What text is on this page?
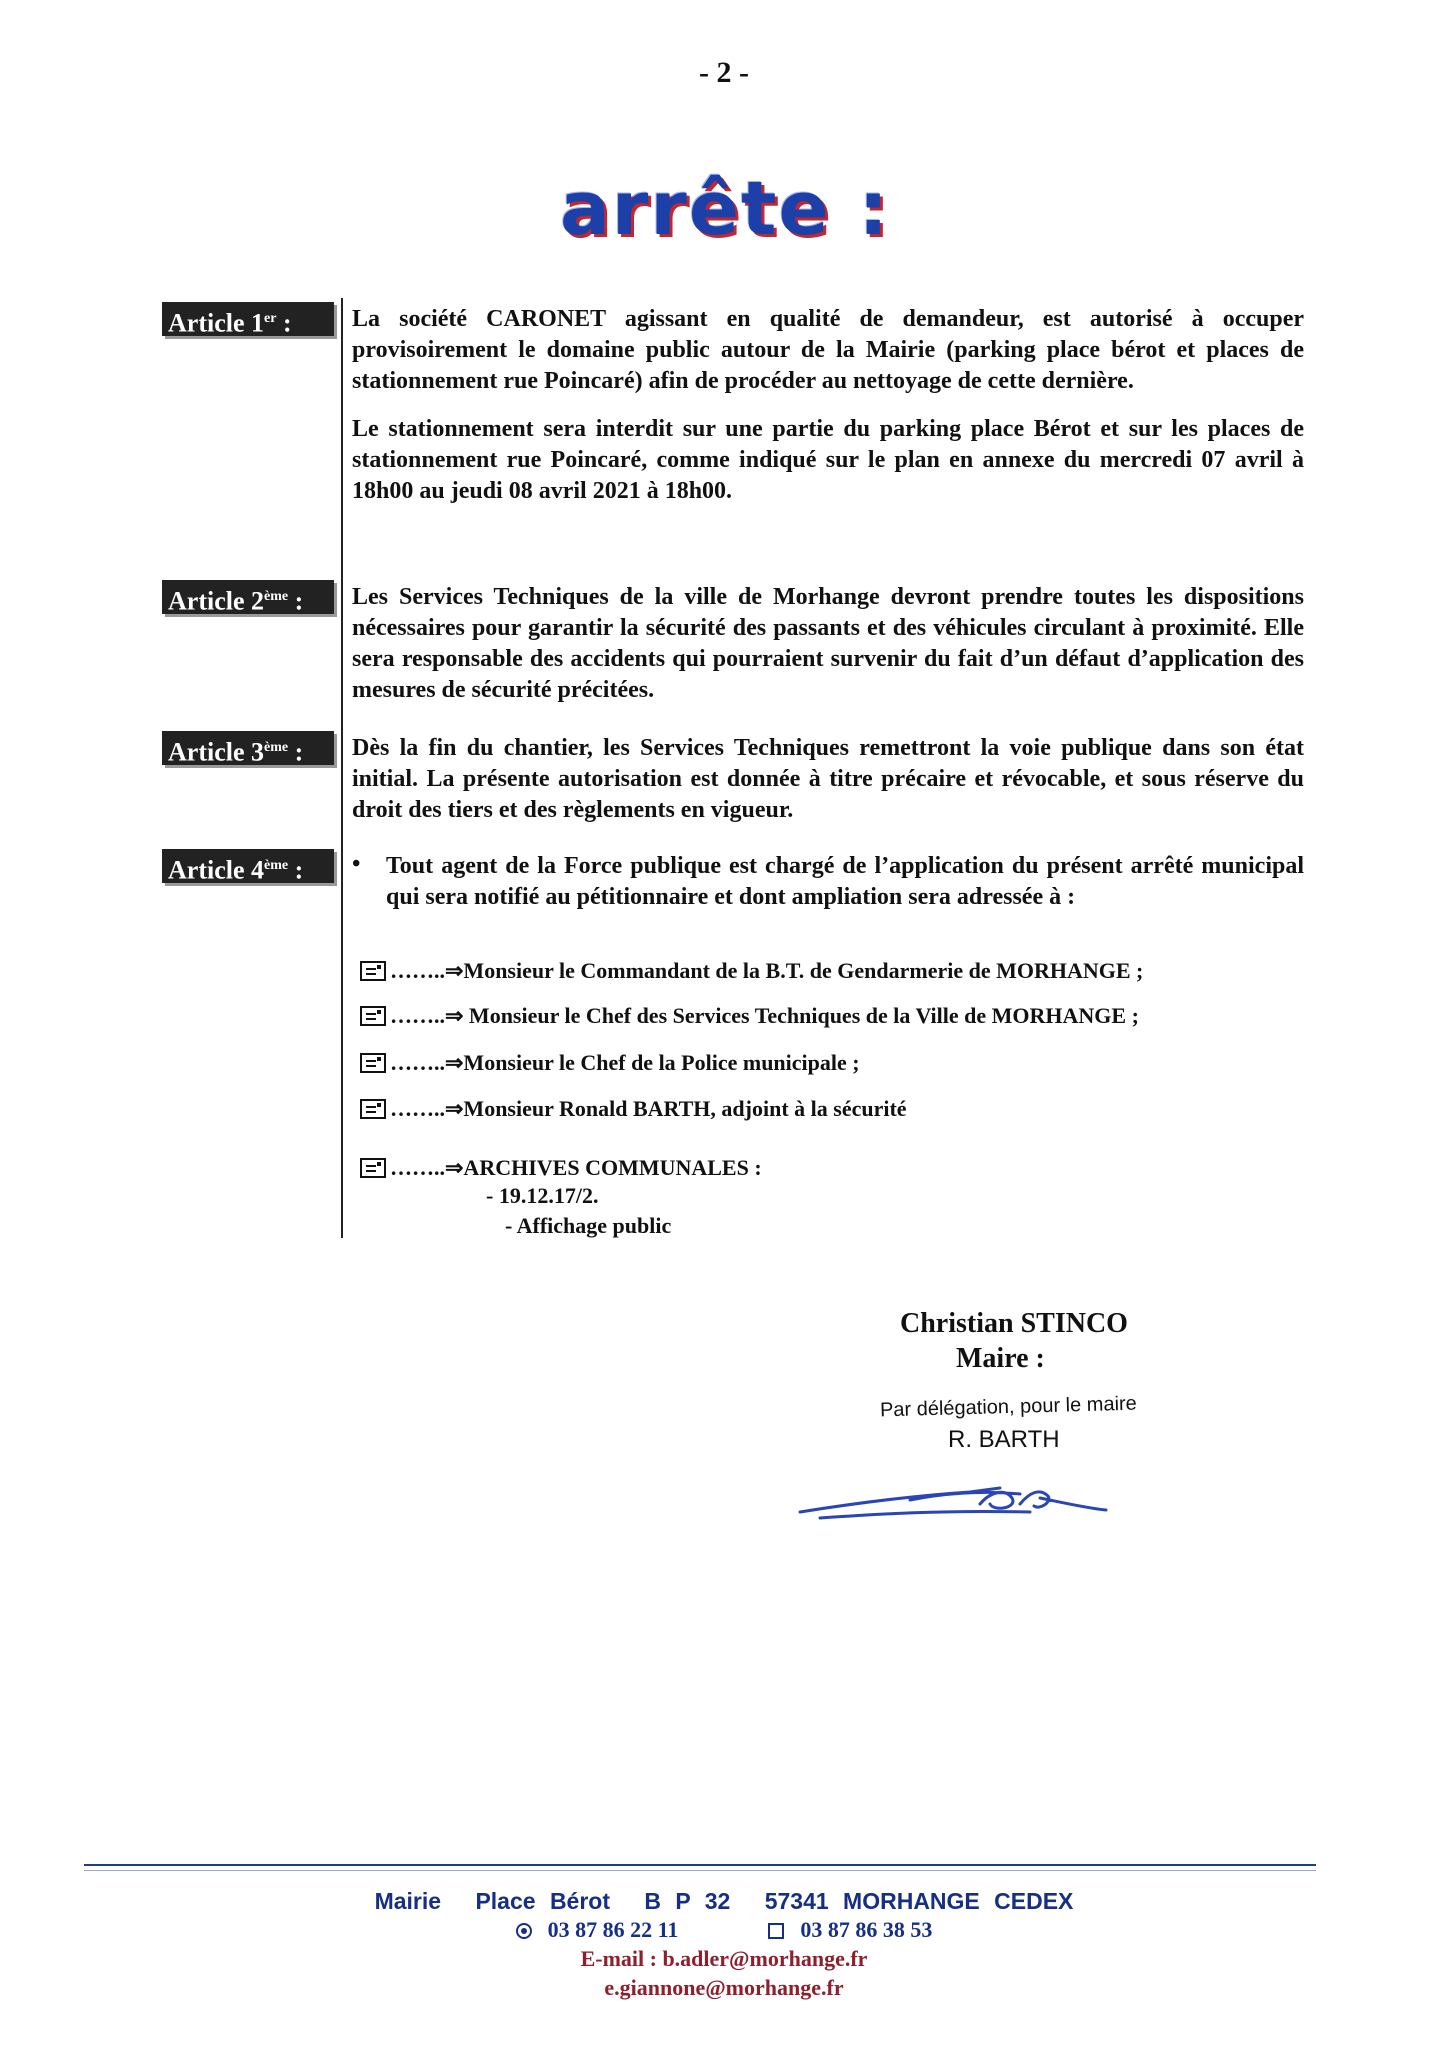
- 2 -
arrête :
Article 1er :	La société CARONET agissant en qualité de demandeur, est autorisé à occuper provisoirement le domaine public autour de la Mairie (parking place bérot et places de stationnement rue Poincaré) afin de procéder au nettoyage de cette dernière.

Le stationnement sera interdit sur une partie du parking place Bérot et sur les places de stationnement rue Poincaré, comme indiqué sur le plan en annexe du mercredi 07 avril à 18h00 au jeudi 08 avril 2021 à 18h00.

Article 2ème :	Les Services Techniques de la ville de Morhange devront prendre toutes les dispositions nécessaires pour garantir la sécurité des passants et des véhicules circulant à proximité. Elle sera responsable des accidents qui pourraient survenir du fait d’un défaut d’application des mesures de sécurité précitées.

Article 3ème :	Dès la fin du chantier, les Services Techniques remettront la voie publique dans son état initial. La présente autorisation est donnée à titre précaire et révocable, et sous réserve du droit des tiers et des règlements en vigueur.

Article 4ème :	• Tout agent de la Force publique est chargé de l’application du présent arrêté municipal qui sera notifié au pétitionnaire et dont ampliation sera adressée à :
……..⇒Monsieur le Commandant de la B.T. de Gendarmerie de MORHANGE ;
……..⇒ Monsieur le Chef des Services Techniques de la Ville de MORHANGE ;
……..⇒Monsieur le Chef de la Police municipale ;
……..⇒Monsieur Ronald BARTH, adjoint à la sécurité
……..⇒ARCHIVES COMMUNALES :
- 19.12.17/2.
- Affichage public
Christian STINCO
Maire :
Par délégation, pour le maire
R. BARTH
Mairie Place Bérot B P 32 57341 MORHANGE CEDEX
03 87 86 22 11	03 87 86 38 53
E-mail : b.adler@morhange.fr
e.giannone@morhange.fr
